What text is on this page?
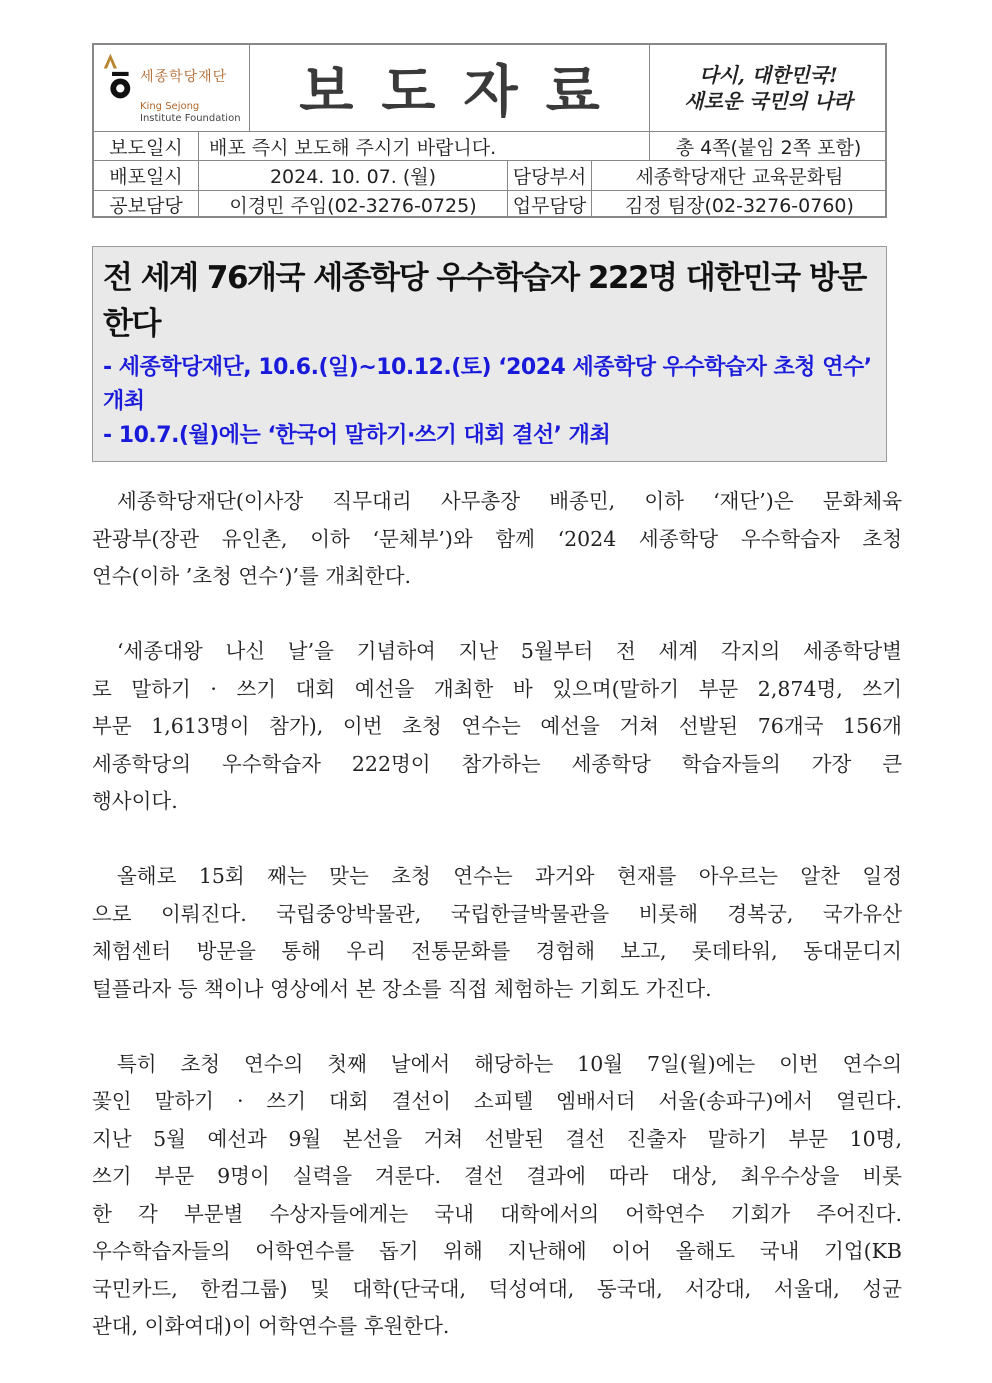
세종학당재단
King Sejong
Institute Foundation	보도자료	다시, 대한민국!
새로운 국민의 나라
보도일시	배포 즉시 보도해 주시기 바랍니다.	총 4쪽(붙임 2쪽 포함)
배포일시	2024. 10. 07. (월)	담당부서	세종학당재단 교육문화팀
공보담당	이경민 주임(02-3276-0725)	업무담당	김정 팀장(02-3276-0760)
전 세계 76개국 세종학당 우수학습자 222명 대한민국 방문한다
- 세종학당재단, 10.6.(일)~10.12.(토) ‘2024 세종학당 우수학습자 초청 연수’ 개최
- 10.7.(월)에는 ‘한국어 말하기·쓰기 대회 결선’ 개최
세종학당재단(이사장 직무대리 사무총장 배종민, 이하 ‘재단’)은 문화체육
관광부(장관 유인촌, 이하 ‘문체부’)와 함께 ‘2024 세종학당 우수학습자 초청
연수(이하 ’초청 연수‘)’를 개최한다.
‘세종대왕 나신 날’을 기념하여 지난 5월부터 전 세계 각지의 세종학당별
로 말하기 · 쓰기 대회 예선을 개최한 바 있으며(말하기 부문 2,874명, 쓰기
부문 1,613명이 참가), 이번 초청 연수는 예선을 거쳐 선발된 76개국 156개
세종학당의 우수학습자 222명이 참가하는 세종학당 학습자들의 가장 큰
행사이다.
올해로 15회 째는 맞는 초청 연수는 과거와 현재를 아우르는 알찬 일정
으로 이뤄진다. 국립중앙박물관, 국립한글박물관을 비롯해 경복궁, 국가유산
체험센터 방문을 통해 우리 전통문화를 경험해 보고, 롯데타워, 동대문디지
털플라자 등 책이나 영상에서 본 장소를 직접 체험하는 기회도 가진다.
특히 초청 연수의 첫째 날에서 해당하는 10월 7일(월)에는 이번 연수의
꽃인 말하기 · 쓰기 대회 결선이 소피텔 엠배서더 서울(송파구)에서 열린다.
지난 5월 예선과 9월 본선을 거쳐 선발된 결선 진출자 말하기 부문 10명,
쓰기 부문 9명이 실력을 겨룬다. 결선 결과에 따라 대상, 최우수상을 비롯
한 각 부문별 수상자들에게는 국내 대학에서의 어학연수 기회가 주어진다.
우수학습자들의 어학연수를 돕기 위해 지난해에 이어 올해도 국내 기업(KB
국민카드, 한컴그룹) 및 대학(단국대, 덕성여대, 동국대, 서강대, 서울대, 성균
관대, 이화여대)이 어학연수를 후원한다.
